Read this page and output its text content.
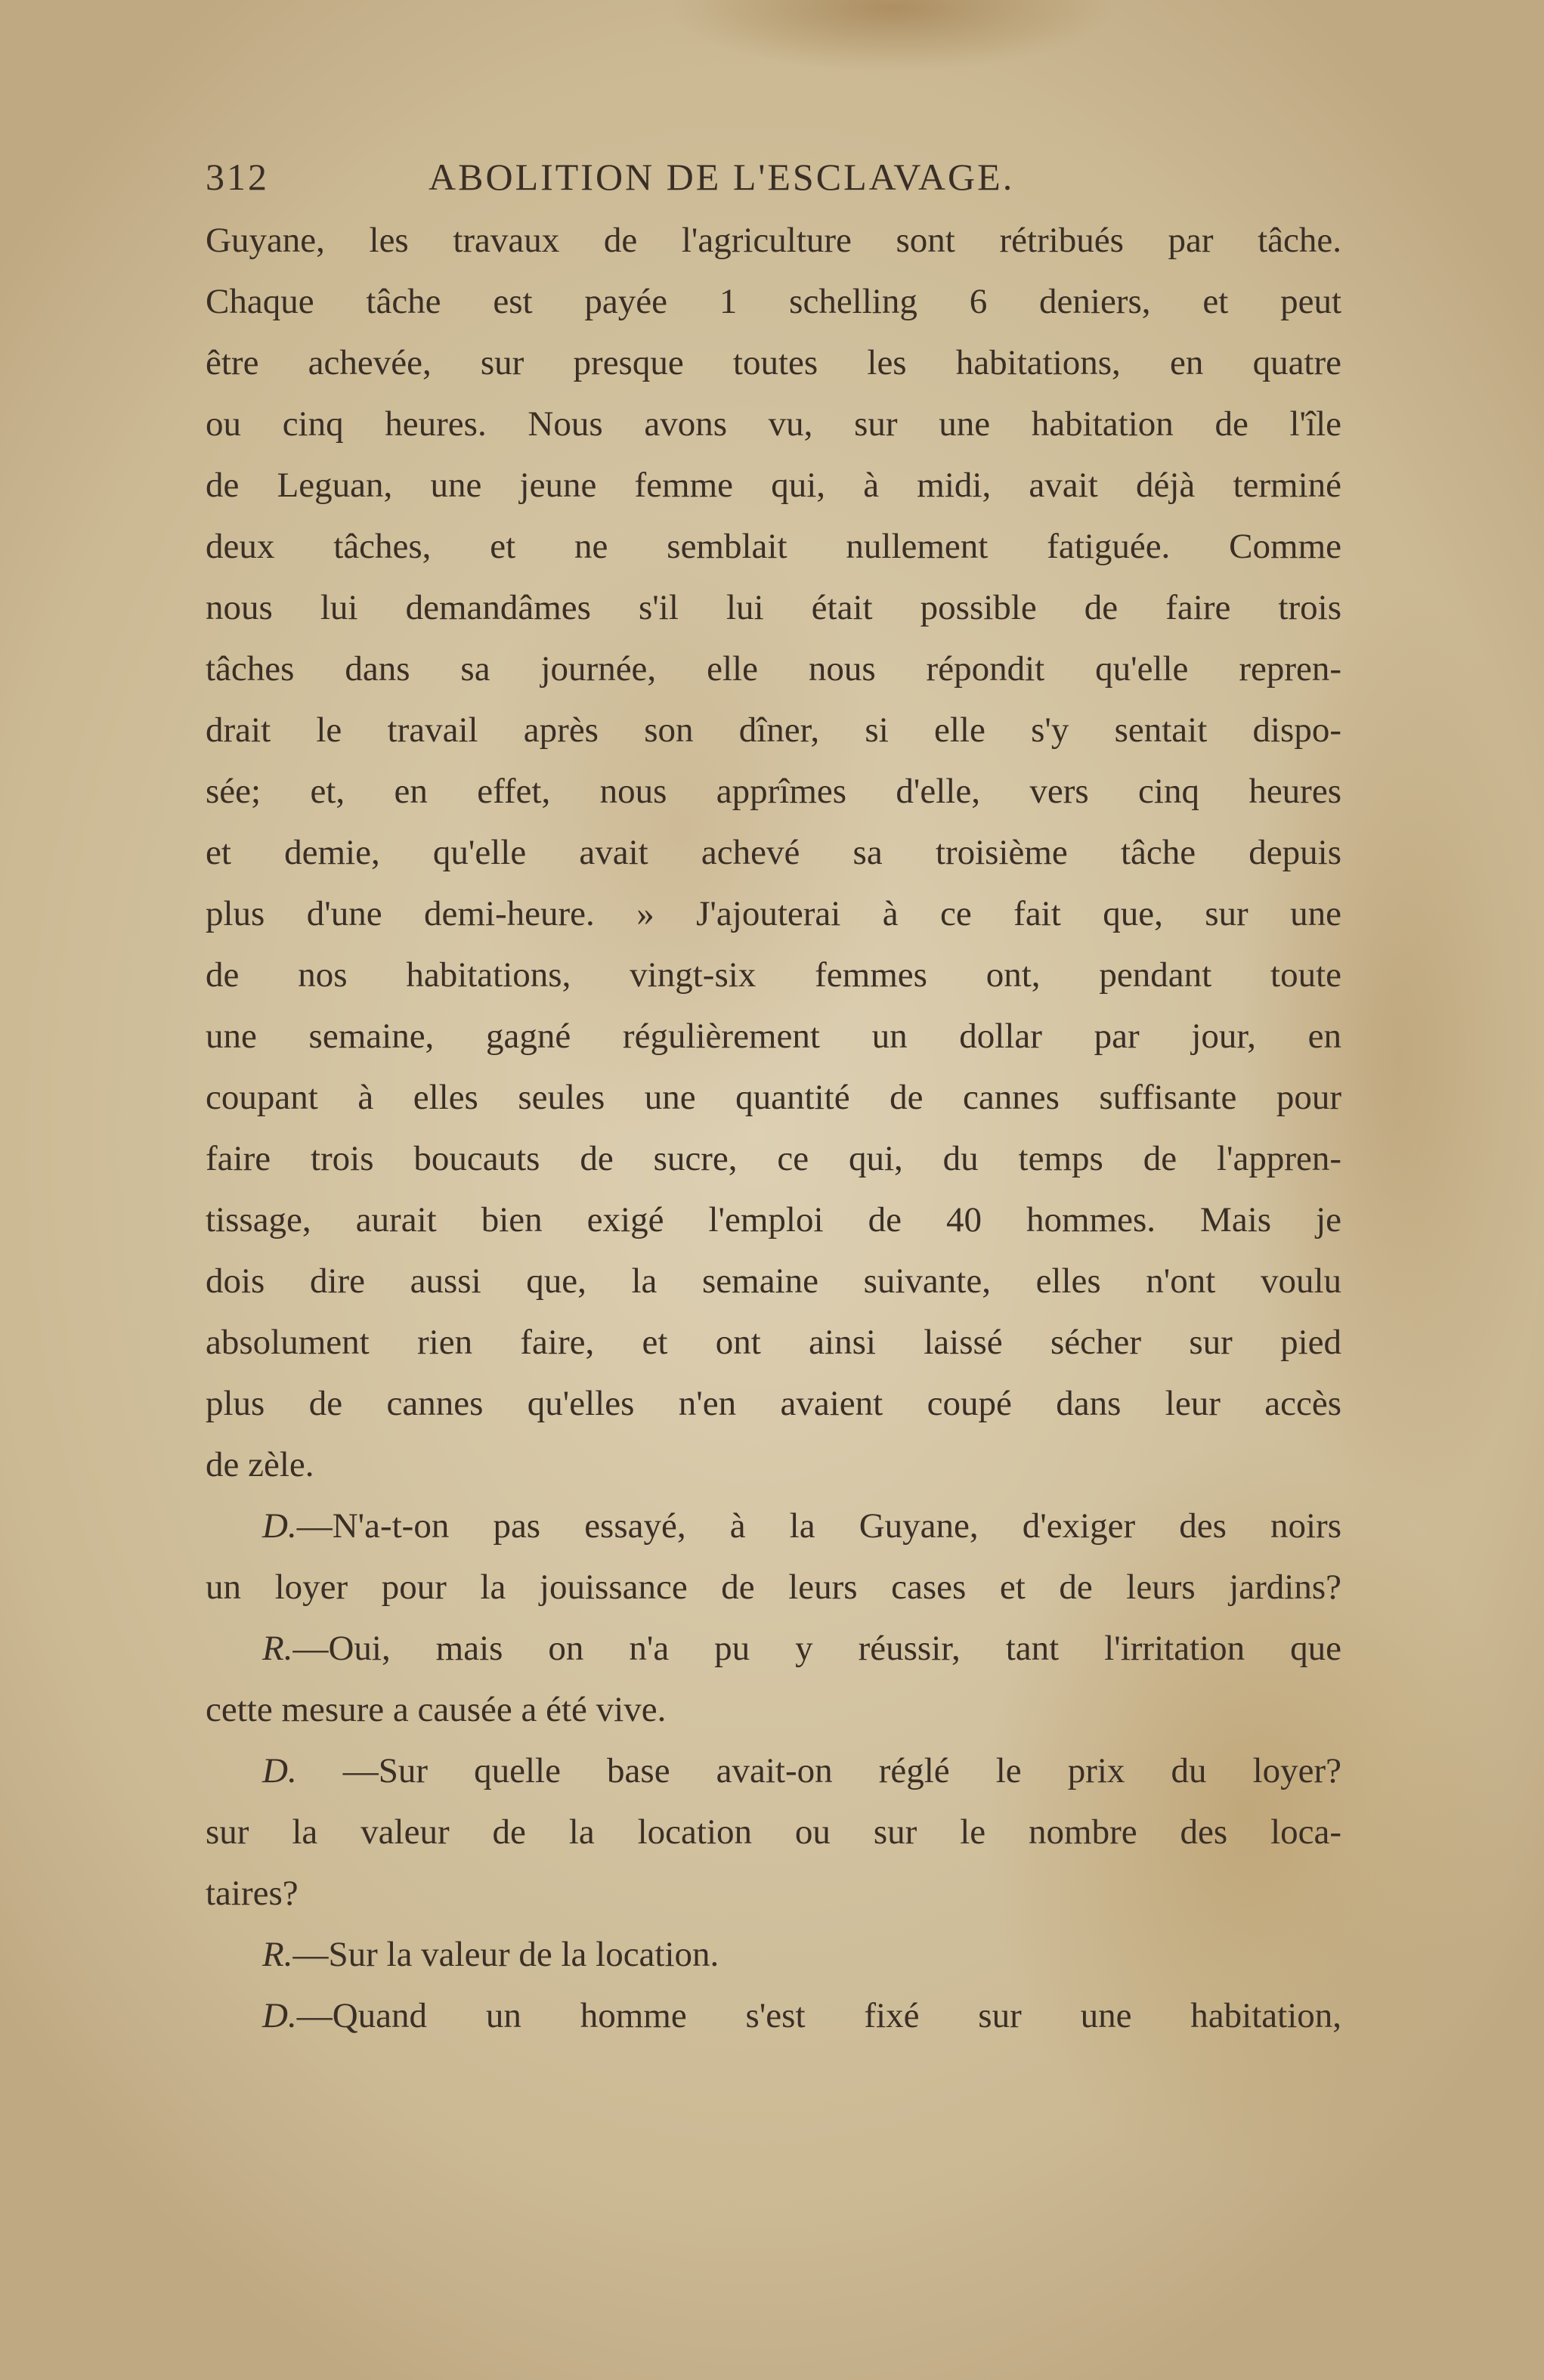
312	ABOLITION DE L'ESCLAVAGE.
Guyane, les travaux de l'agriculture sont rétribués par tâche.
Chaque tâche est payée 1 schelling 6 deniers, et peut
être achevée, sur presque toutes les habitations, en quatre
ou cinq heures. Nous avons vu, sur une habitation de l'île
de Leguan, une jeune femme qui, à midi, avait déjà terminé
deux tâches, et ne semblait nullement fatiguée. Comme
nous lui demandâmes s'il lui était possible de faire trois
tâches dans sa journée, elle nous répondit qu'elle repren-
drait le travail après son dîner, si elle s'y sentait dispo-
sée; et, en effet, nous apprîmes d'elle, vers cinq heures
et demie, qu'elle avait achevé sa troisième tâche depuis
plus d'une demi-heure. » J'ajouterai à ce fait que, sur une
de nos habitations, vingt-six femmes ont, pendant toute
une semaine, gagné régulièrement un dollar par jour, en
coupant à elles seules une quantité de cannes suffisante pour
faire trois boucauts de sucre, ce qui, du temps de l'appren-
tissage, aurait bien exigé l'emploi de 40 hommes. Mais je
dois dire aussi que, la semaine suivante, elles n'ont voulu
absolument rien faire, et ont ainsi laissé sécher sur pied
plus de cannes qu'elles n'en avaient coupé dans leur accès
de zèle.
D.—N'a-t-on pas essayé, à la Guyane, d'exiger des noirs
un loyer pour la jouissance de leurs cases et de leurs jardins?
R.—Oui, mais on n'a pu y réussir, tant l'irritation que
cette mesure a causée a été vive.
D. —Sur quelle base avait-on réglé le prix du loyer?
sur la valeur de la location ou sur le nombre des loca-
taires?
R.—Sur la valeur de la location.
D.—Quand un homme s'est fixé sur une habitation,
